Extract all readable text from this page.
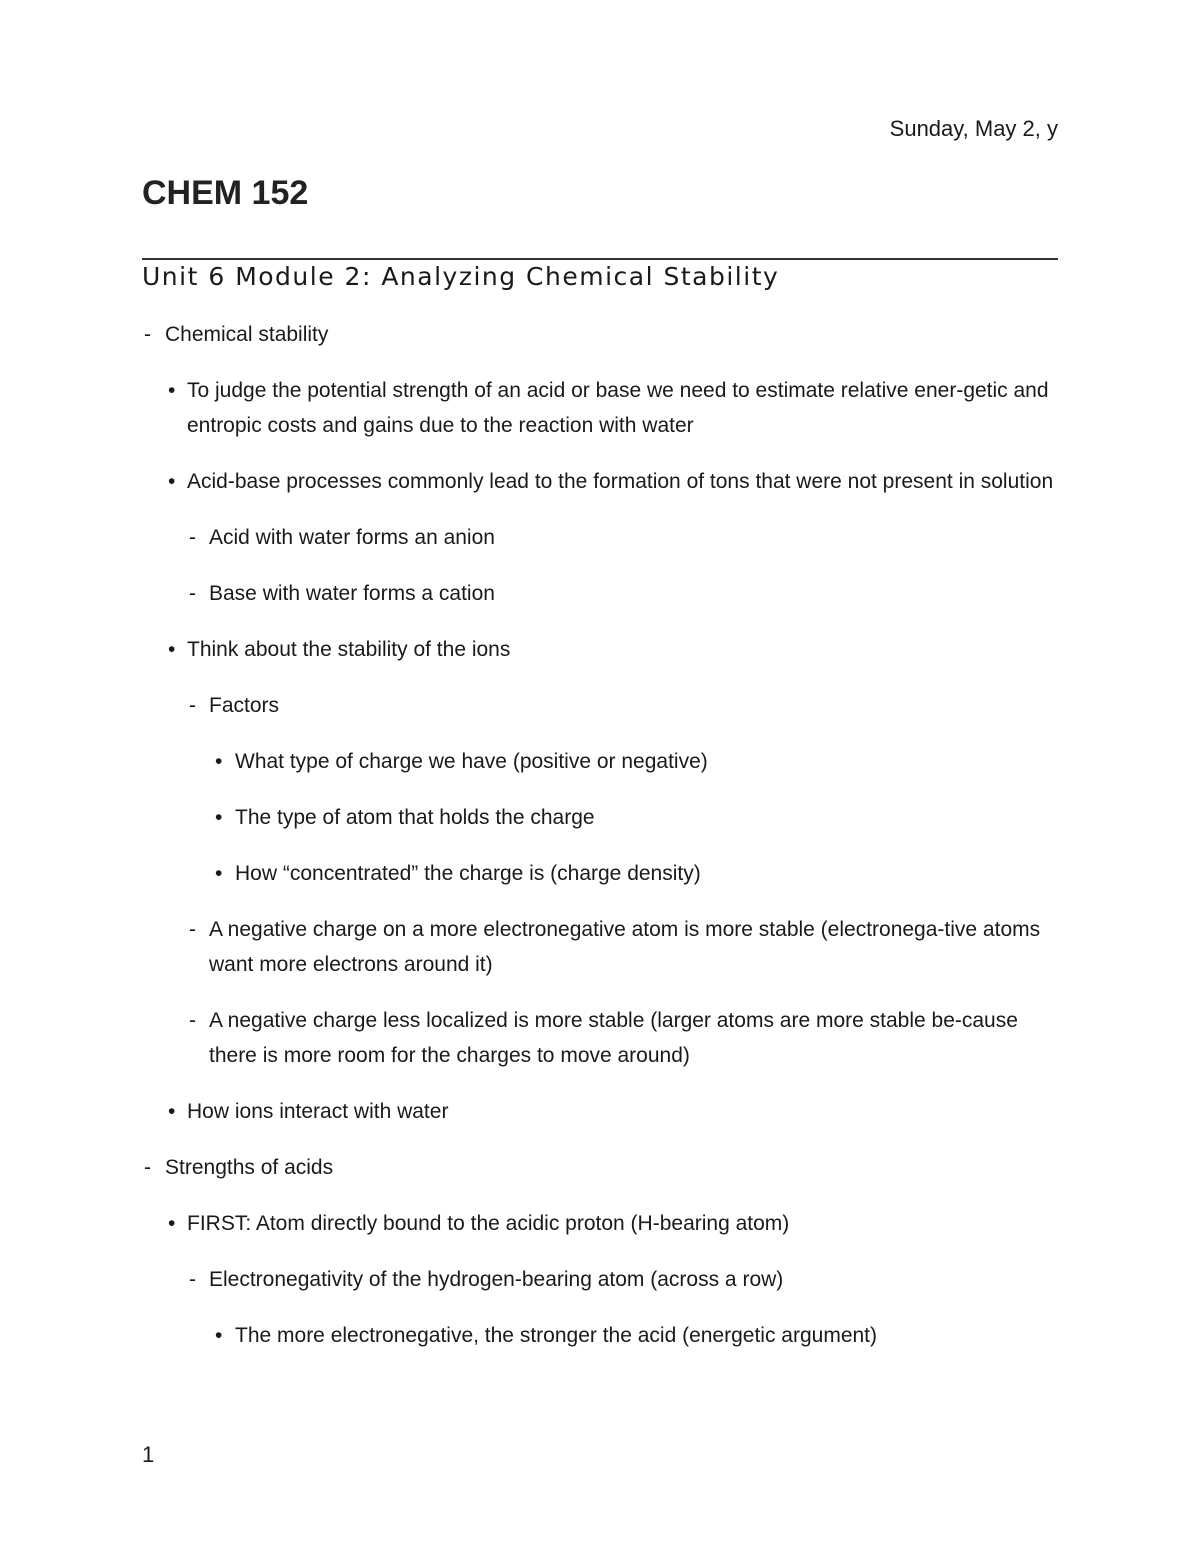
Sunday, May 2, y
CHEM 152
Unit 6 Module 2: Analyzing Chemical Stability
- Chemical stability
• To judge the potential strength of an acid or base we need to estimate relative ener-getic and entropic costs and gains due to the reaction with water
• Acid-base processes commonly lead to the formation of tons that were not present in solution
- Acid with water forms an anion
- Base with water forms a cation
• Think about the stability of the ions
- Factors
• What type of charge we have (positive or negative)
• The type of atom that holds the charge
• How “concentrated” the charge is (charge density)
- A negative charge on a more electronegative atom is more stable (electronega-tive atoms want more electrons around it)
- A negative charge less localized is more stable (larger atoms are more stable be-cause there is more room for the charges to move around)
• How ions interact with water
- Strengths of acids
• FIRST: Atom directly bound to the acidic proton (H-bearing atom)
- Electronegativity of the hydrogen-bearing atom (across a row)
• The more electronegative, the stronger the acid (energetic argument)
1
